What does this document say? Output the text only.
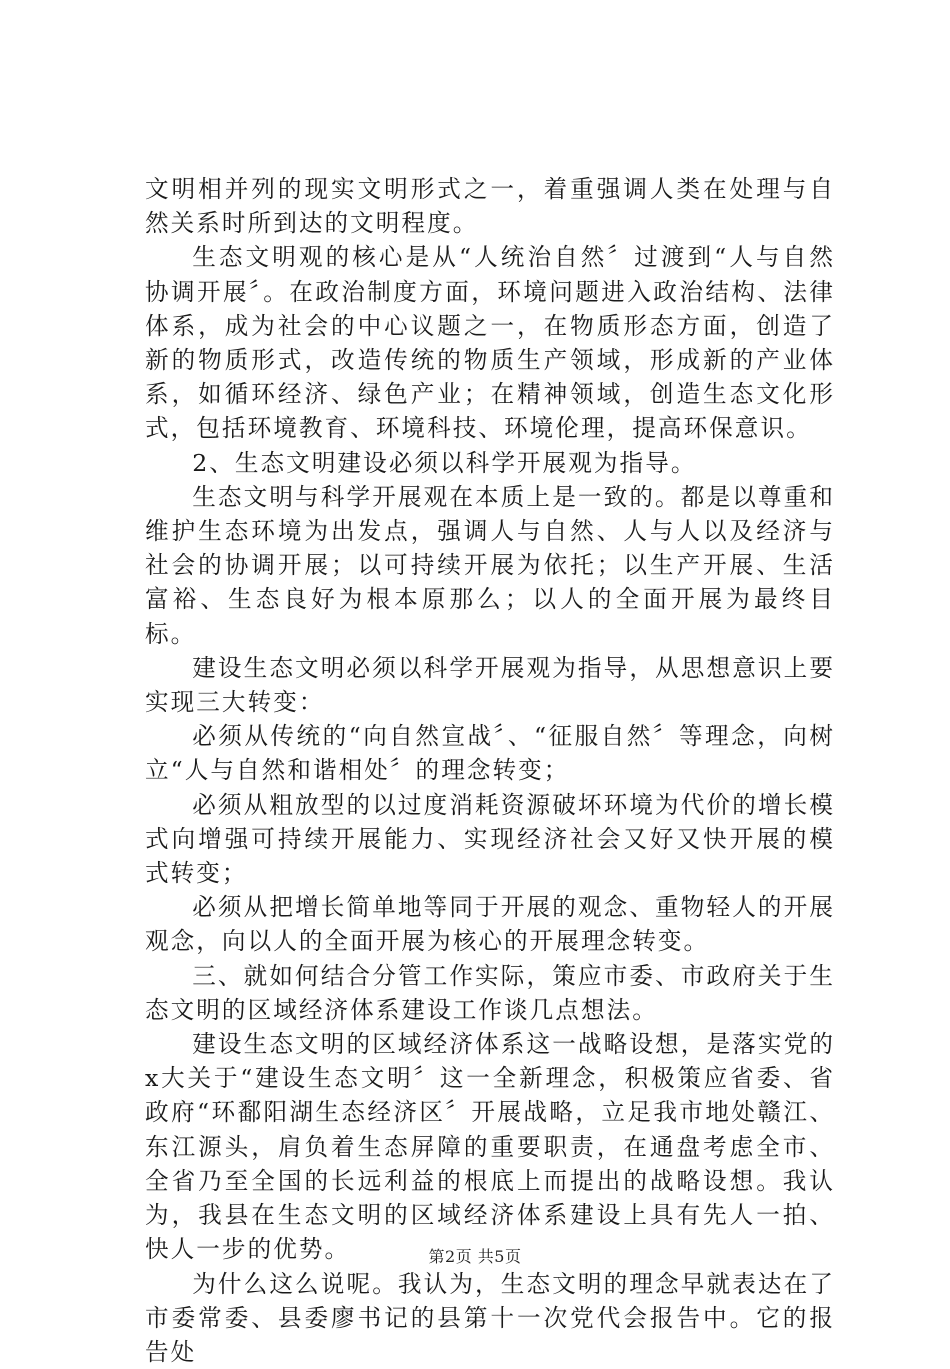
文明相并列的现实文明形式之一，着重强调人类在处理与自然关系时所到达的文明程度。

生态文明观的核心是从“人统治自然〞过渡到“人与自然协调开展〞。在政治制度方面，环境问题进入政治结构、法律体系，成为社会的中心议题之一，在物质形态方面，创造了新的物质形式，改造传统的物质生产领域，形成新的产业体系，如循环经济、绿色产业；在精神领域，创造生态文化形式，包括环境教育、环境科技、环境伦理，提高环保意识。

2、生态文明建设必须以科学开展观为指导。

生态文明与科学开展观在本质上是一致的。都是以尊重和维护生态环境为出发点，强调人与自然、人与人以及经济与社会的协调开展；以可持续开展为依托；以生产开展、生活富裕、生态良好为根本原那么；以人的全面开展为最终目标。

建设生态文明必须以科学开展观为指导，从思想意识上要实现三大转变：

必须从传统的“向自然宣战〞、“征服自然〞等理念，向树立“人与自然和谐相处〞的理念转变；

必须从粗放型的以过度消耗资源破坏环境为代价的增长模式向增强可持续开展能力、实现经济社会又好又快开展的模式转变；

必须从把增长简单地等同于开展的观念、重物轻人的开展观念，向以人的全面开展为核心的开展理念转变。

三、就如何结合分管工作实际，策应市委、市政府关于生态文明的区域经济体系建设工作谈几点想法。

建设生态文明的区域经济体系这一战略设想，是落实党的x大关于“建设生态文明〞这一全新理念，积极策应省委、省政府“环鄱阳湖生态经济区〞开展战略，立足我市地处赣江、东江源头，肩负着生态屏障的重要职责，在通盘考虑全市、全省乃至全国的长远利益的根底上而提出的战略设想。我认为，我县在生态文明的区域经济体系建设上具有先人一拍、快人一步的优势。

为什么这么说呢。我认为，生态文明的理念早就表达在了市委常委、县委廖书记的县第十一次党代会报告中。它的报告处

第2页 共5页
